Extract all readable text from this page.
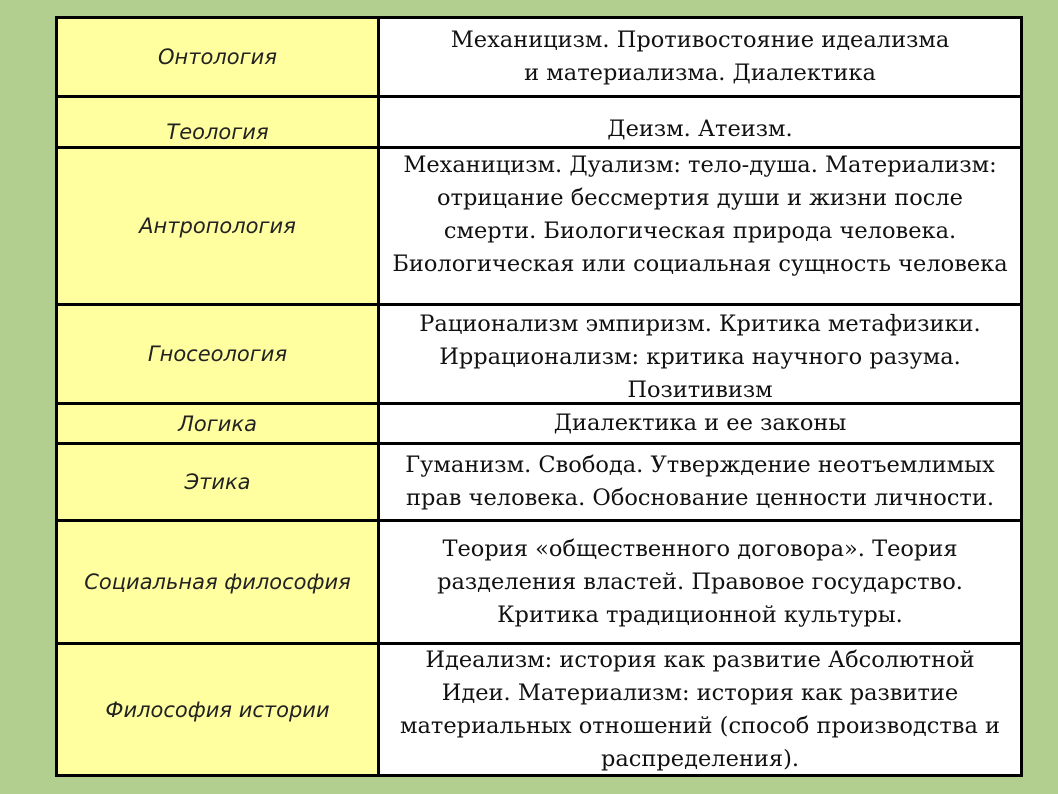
Онтология
Механицизм. Противостояние идеализма и материализма. Диалектика
Теология	Деизм. Атеизм.
Антропология
Механицизм. Дуализм: тело-душа. Материализм: отрицание бессмертия души и жизни после смерти. Биологическая природа человека. Биологическая или социальная сущность человека
Гносеология
Рационализм эмпиризм. Критика метафизики. Иррационализм: критика научного разума. Позитивизм
Логика	Диалектика и ее законы
Этика
Гуманизм. Свобода. Утверждение неотъемлимых прав человека. Обоснование ценности личности.
Социальная философия
Теория «общественного договора». Теория разделения властей. Правовое государство. Критика традиционной культуры.
Философия истории
Идеализм: история как развитие Абсолютной Идеи. Материализм: история как развитие материальных отношений (способ производства и распределения).
